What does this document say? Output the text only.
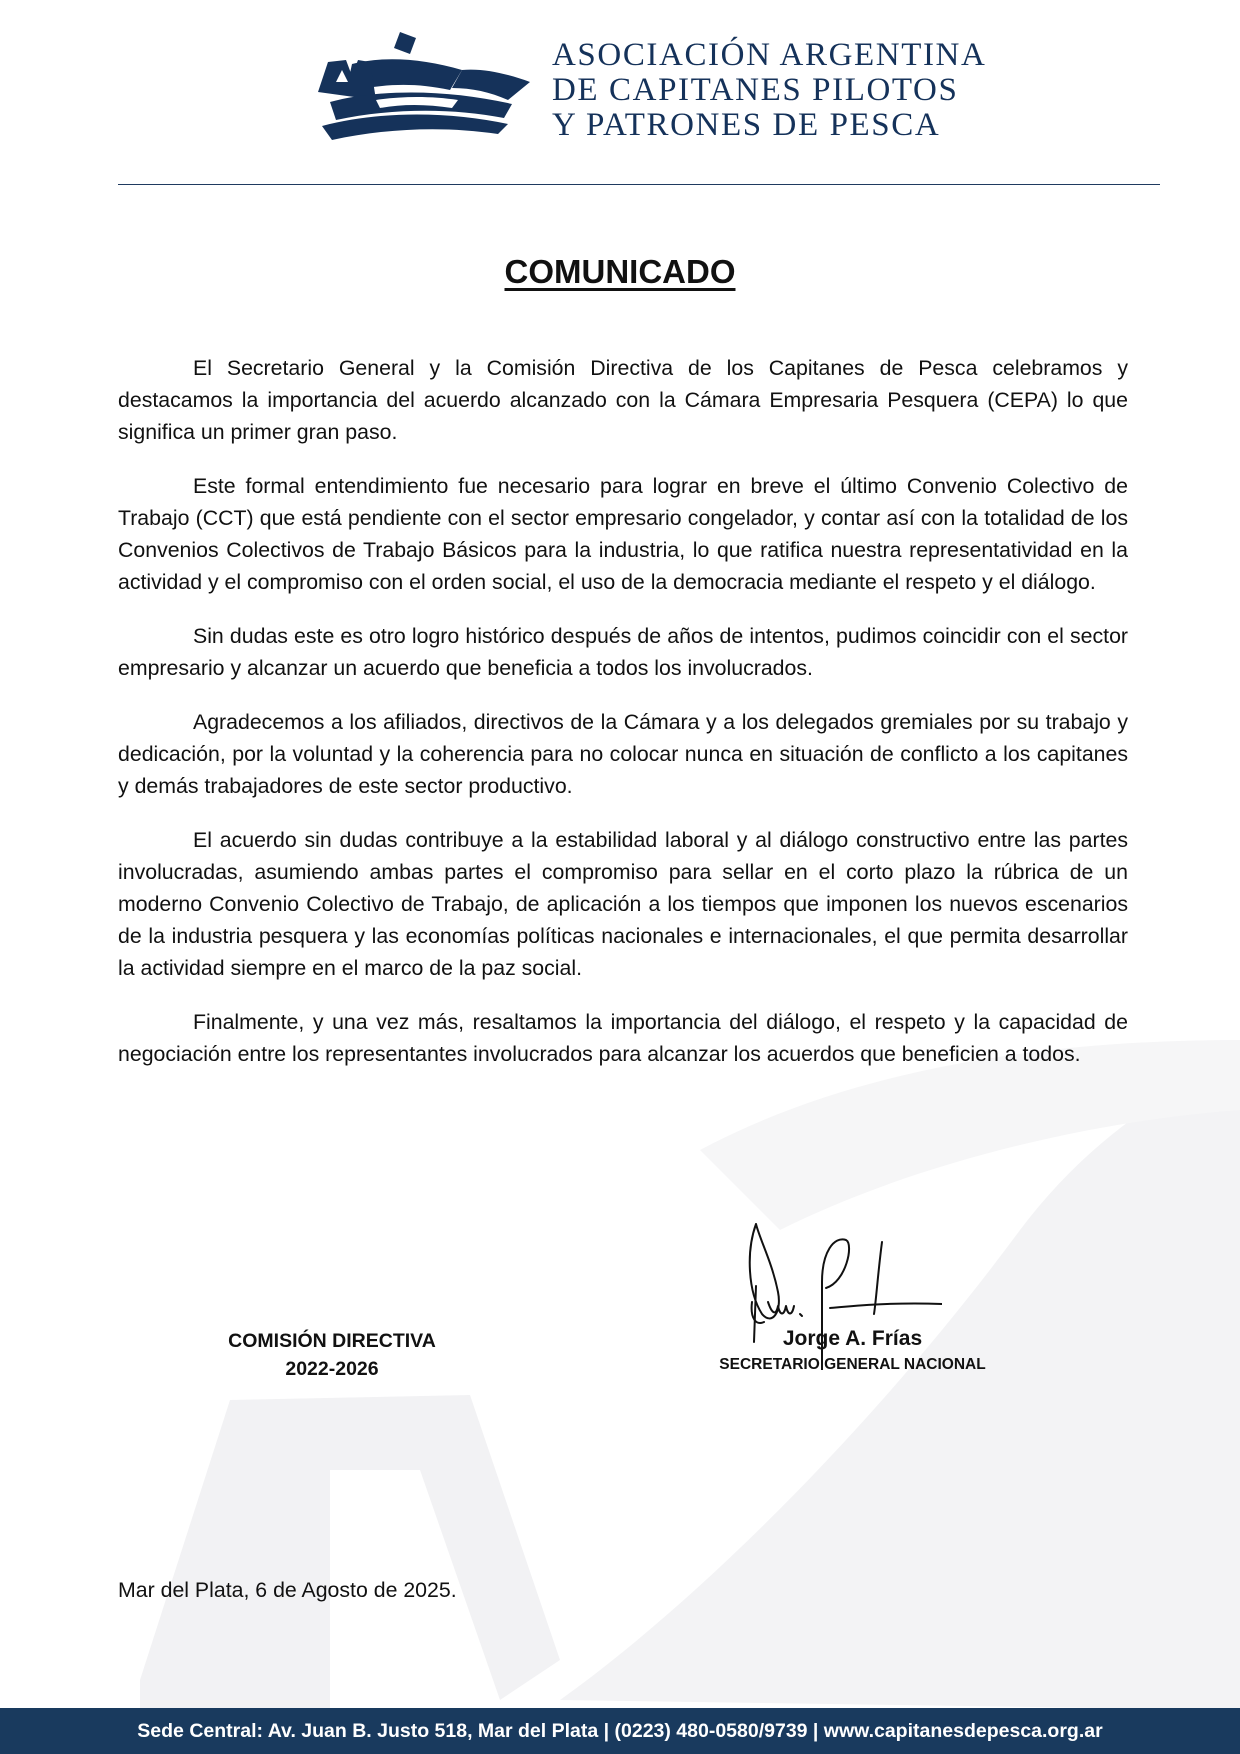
ASOCIACIÓN ARGENTINA
DE CAPITANES PILOTOS
Y PATRONES DE PESCA
COMUNICADO

El Secretario General y la Comisión Directiva de los Capitanes de Pesca celebramos y destacamos la importancia del acuerdo alcanzado con la Cámara Empresaria Pesquera (CEPA) lo que significa un primer gran paso.

Este formal entendimiento fue necesario para lograr en breve el último Convenio Colectivo de Trabajo (CCT) que está pendiente con el sector empresario congelador, y contar así con la totalidad de los Convenios Colectivos de Trabajo Básicos para la industria, lo que ratifica nuestra representatividad en la actividad y el compromiso con el orden social, el uso de la democracia mediante el respeto y el diálogo.

Sin dudas este es otro logro histórico después de años de intentos, pudimos coincidir con el sector empresario y alcanzar un acuerdo que beneficia a todos los involucrados.

Agradecemos a los afiliados, directivos de la Cámara y a los delegados gremiales por su trabajo y dedicación, por la voluntad y la coherencia para no colocar nunca en situación de conflicto a los capitanes y demás trabajadores de este sector productivo.

El acuerdo sin dudas contribuye a la estabilidad laboral y al diálogo constructivo entre las partes involucradas, asumiendo ambas partes el compromiso para sellar en el corto plazo la rúbrica de un moderno Convenio Colectivo de Trabajo, de aplicación a los tiempos que imponen los nuevos escenarios de la industria pesquera y las economías políticas nacionales e internacionales, el que permita desarrollar la actividad siempre en el marco de la paz social.

Finalmente, y una vez más, resaltamos la importancia del diálogo, el respeto y la capacidad de negociación entre los representantes involucrados para alcanzar los acuerdos que beneficien a todos.

COMISIÓN DIRECTIVA
2022-2026
Jorge A. Frías
SECRETARIO GENERAL NACIONAL
Mar del Plata, 6 de Agosto de 2025.
Sede Central: Av. Juan B. Justo 518, Mar del Plata | (0223) 480-0580/9739 | www.capitanesdepesca.org.ar
